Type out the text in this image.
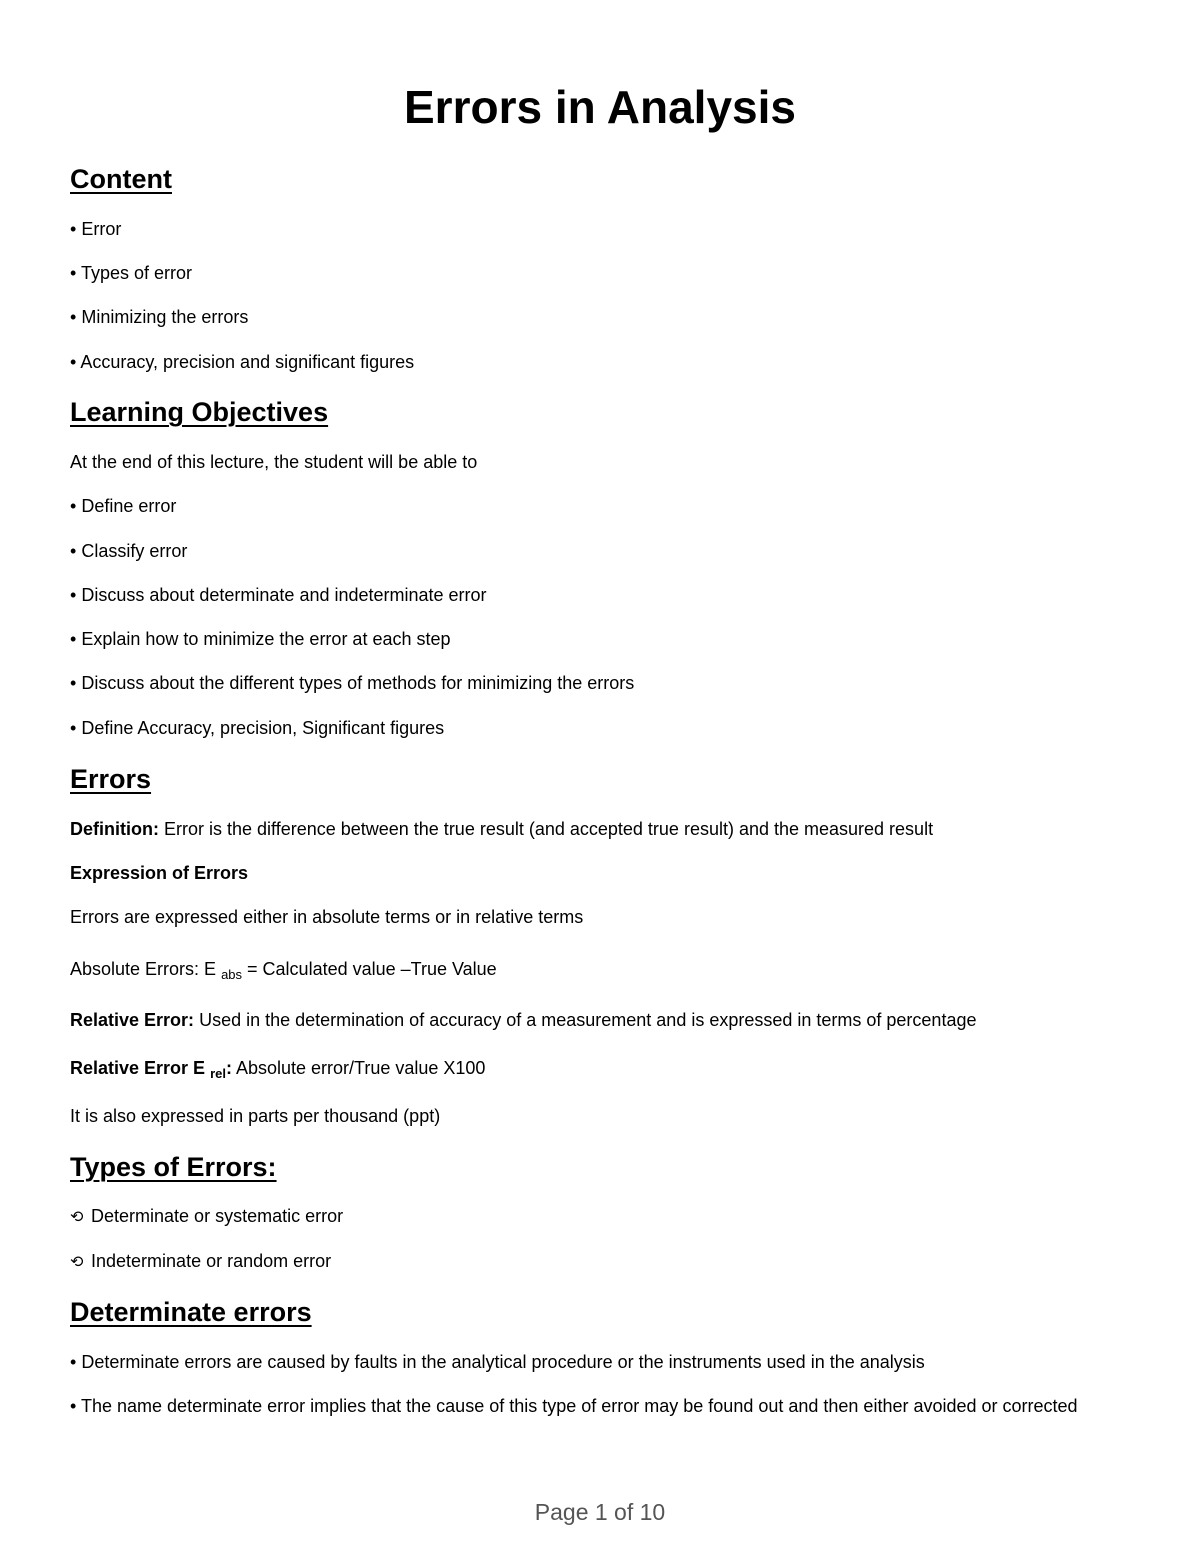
Errors in Analysis
Content

• Error

• Types of error

• Minimizing the errors

• Accuracy, precision and significant figures

Learning Objectives

At the end of this lecture, the student will be able to

• Define error

• Classify error

• Discuss about determinate and indeterminate error

• Explain how to minimize the error at each step

• Discuss about the different types of methods for minimizing the errors

• Define Accuracy, precision, Significant figures

Errors

Definition: Error is the difference between the true result (and accepted true result) and the measured result

Expression of Errors

Errors are expressed either in absolute terms or in relative terms

Absolute Errors: E $_{abs}$ = Calculated value –True Value

Relative Error: Used in the determination of accuracy of a measurement and is expressed in terms of percentage

Relative Error E $_{rel}$: Absolute error/True value X100

It is also expressed in parts per thousand (ppt)

Types of Errors:

⟲ Determinate or systematic error

⟲ Indeterminate or random error

Determinate errors

• Determinate errors are caused by faults in the analytical procedure or the instruments used in the analysis

• The name determinate error implies that the cause of this type of error may be found out and then either avoided or corrected

Page 1 of 10
